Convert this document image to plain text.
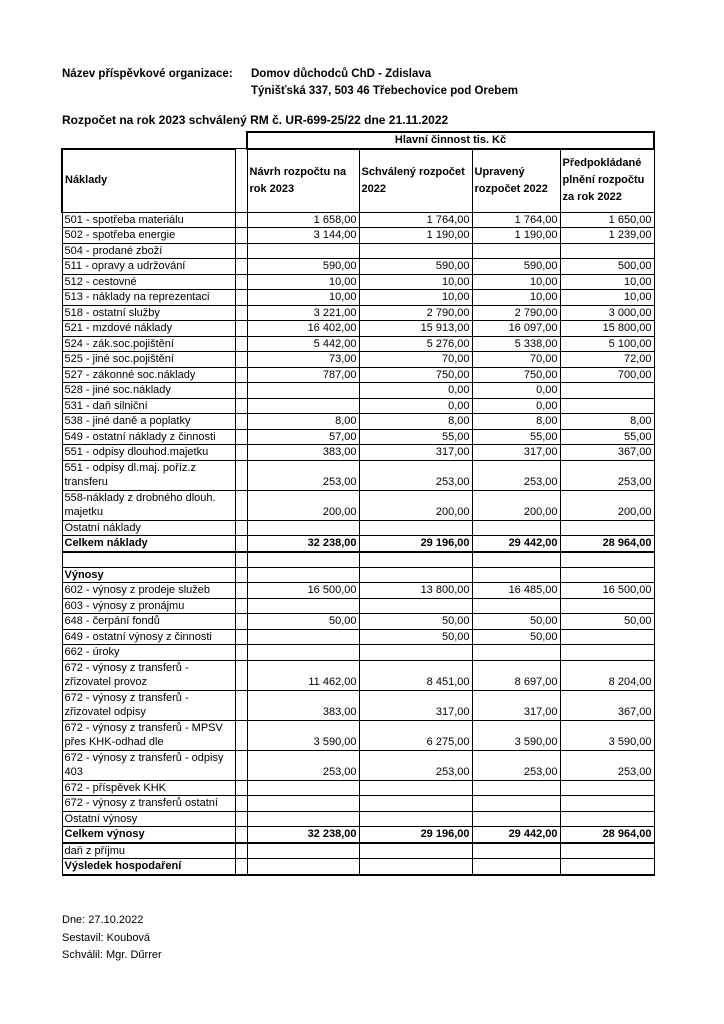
Název příspěvkové organizace: Domov důchodců ChD - Zdislava
Týnišťská 337, 503 46 Třebechovice pod Orebem
Rozpočet na rok 2023 schválený RM č. UR-699-25/22 dne 21.11.2022
		Hlavní činnost tis. Kč			
Náklady		Návrh rozpočtu na rok 2023	Schválený rozpočet 2022	Upravený rozpočet 2022	Předpokládané plnění rozpočtu za rok 2022
501 - spotřeba materiálu		1 658,00	1 764,00	1 764,00	1 650,00
502 - spotřeba energie		3 144,00	1 190,00	1 190,00	1 239,00
504 - prodané zboží					
511 - opravy a udržování		590,00	590,00	590,00	500,00
512 - cestovné		10,00	10,00	10,00	10,00
513 - náklady na reprezentaci		10,00	10,00	10,00	10,00
518 - ostatní služby		3 221,00	2 790,00	2 790,00	3 000,00
521 - mzdové náklady		16 402,00	15 913,00	16 097,00	15 800,00
524 - zák.soc.pojištění		5 442,00	5 276,00	5 338,00	5 100,00
525 - jiné soc.pojištění		73,00	70,00	70,00	72,00
527 - zákonné soc.náklady		787,00	750,00	750,00	700,00
528 - jiné soc.náklady			0,00	0,00	
531 - daň silniční			0,00	0,00	
538 - jiné daně a poplatky		8,00	8,00	8,00	8,00
549 - ostatní náklady z činnosti		57,00	55,00	55,00	55,00
551 - odpisy dlouhod.majetku		383,00	317,00	317,00	367,00
551 - odpisy dl.maj. poříz.z transferu		253,00	253,00	253,00	253,00
558-náklady z drobného dlouh. majetku		200,00	200,00	200,00	200,00
Ostatní náklady					
Celkem náklady		32 238,00	29 196,00	29 442,00	28 964,00

Výnosy					
602 - výnosy z prodeje služeb		16 500,00	13 800,00	16 485,00	16 500,00
603 - výnosy z pronájmu					
648 - čerpání fondů		50,00	50,00	50,00	50,00
649 - ostatní výnosy z činnosti			50,00	50,00	
662 - úroky					
672 - výnosy z transferů - zřizovatel provoz		11 462,00	8 451,00	8 697,00	8 204,00
672 - výnosy z transferů - zřizovatel odpisy		383,00	317,00	317,00	367,00
672 - výnosy z transferů - MPSV přes KHK-odhad dle		3 590,00	6 275,00	3 590,00	3 590,00
672 - výnosy z transferů - odpisy 403		253,00	253,00	253,00	253,00
672 - příspěvek KHK					
672 - výnosy z transferů ostatní					
Ostatní výnosy					
Celkem výnosy		32 238,00	29 196,00	29 442,00	28 964,00
daň z příjmu					
Výsledek hospodaření					
Dne: 27.10.2022
Sestavil: Koubová
Schválil: Mgr. Dűrrer
